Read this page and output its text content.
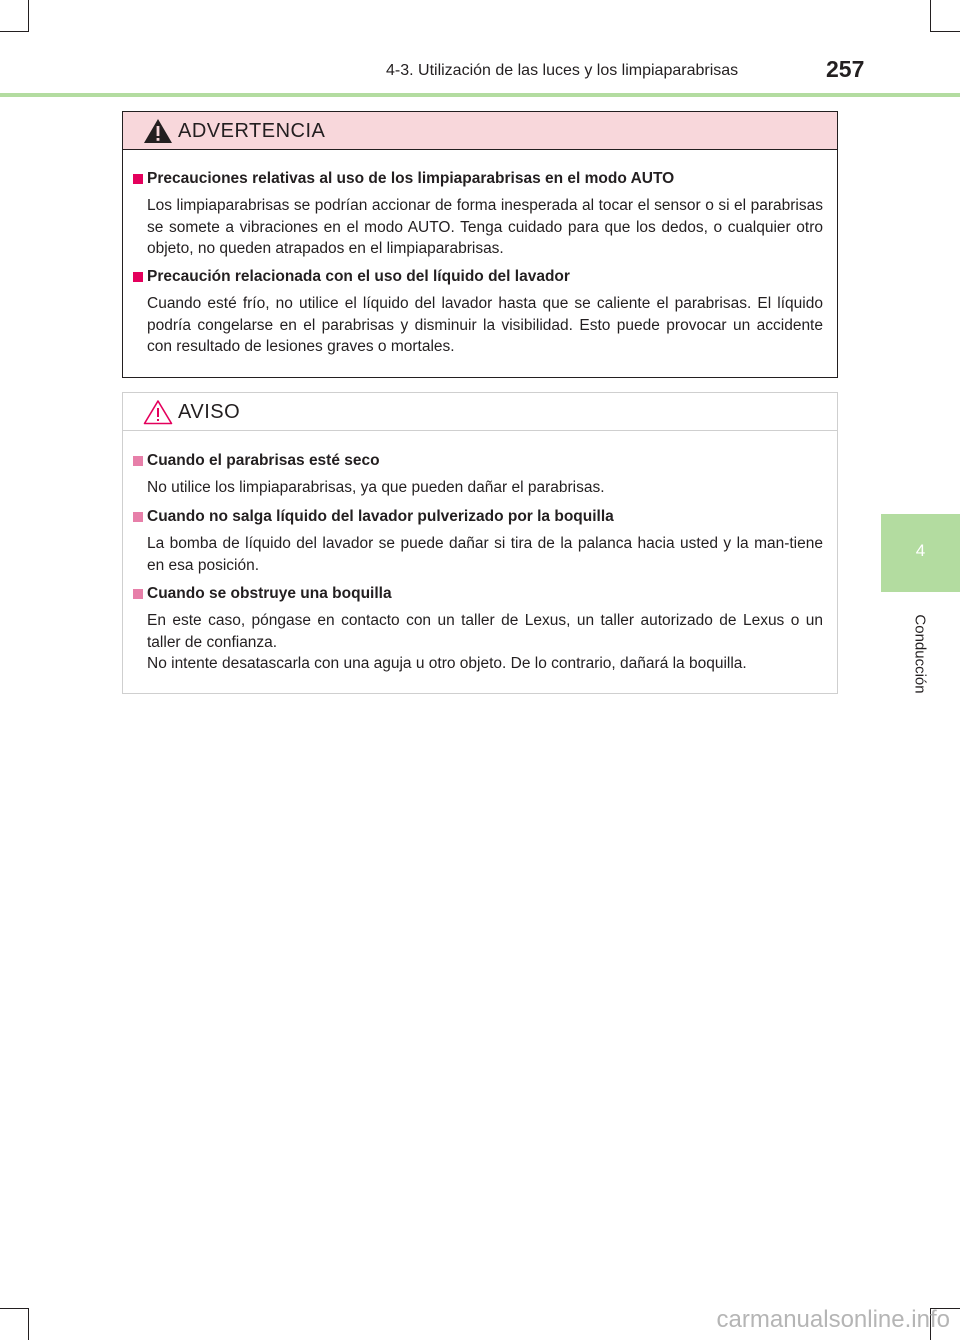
4-3. Utilización de las luces y los limpiaparabrisas	257
4
Conducción
ADVERTENCIA
Precauciones relativas al uso de los limpiaparabrisas en el modo AUTO

Los limpiaparabrisas se podrían accionar de forma inesperada al tocar el sensor o si el parabrisas se somete a vibraciones en el modo AUTO. Tenga cuidado para que los dedos, o cualquier otro objeto, no queden atrapados en el limpiaparabrisas.

Precaución relacionada con el uso del líquido del lavador

Cuando esté frío, no utilice el líquido del lavador hasta que se caliente el parabrisas. El líquido podría congelarse en el parabrisas y disminuir la visibilidad. Esto puede provocar un accidente con resultado de lesiones graves o mortales.

AVISO
Cuando el parabrisas esté seco

No utilice los limpiaparabrisas, ya que pueden dañar el parabrisas.

Cuando no salga líquido del lavador pulverizado por la boquilla

La bomba de líquido del lavador se puede dañar si tira de la palanca hacia usted y la man-tiene en esa posición.

Cuando se obstruye una boquilla

En este caso, póngase en contacto con un taller de Lexus, un taller autorizado de Lexus o un taller de confianza.

No intente desatascarla con una aguja u otro objeto. De lo contrario, dañará la boquilla.

carmanualsonline.info
